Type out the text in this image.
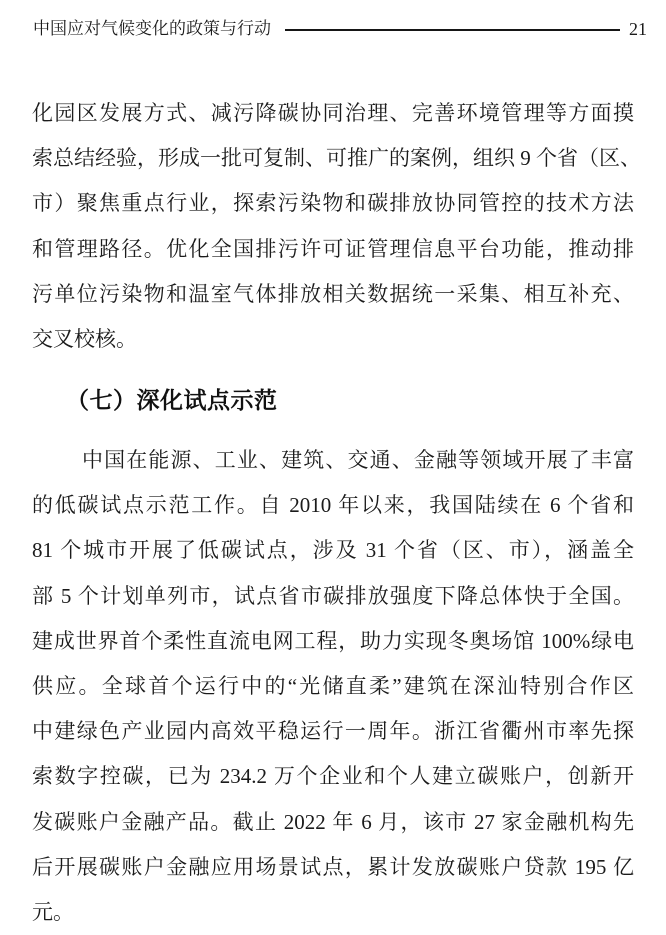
中国应对气候变化的政策与行动	21
化园区发展方式、减污降碳协同治理、完善环境管理等方面摸
索总结经验，形成一批可复制、可推广的案例，组织 9 个省（区、
市）聚焦重点行业，探索污染物和碳排放协同管控的技术方法
和管理路径。优化全国排污许可证管理信息平台功能，推动排
污单位污染物和温室气体排放相关数据统一采集、相互补充、
交叉校核。
（七）深化试点示范
中国在能源、工业、建筑、交通、金融等领域开展了丰富
的低碳试点示范工作。自 2010 年以来，我国陆续在 6 个省和
81 个城市开展了低碳试点，涉及 31 个省（区、市），涵盖全
部 5 个计划单列市，试点省市碳排放强度下降总体快于全国。
建成世界首个柔性直流电网工程，助力实现冬奥场馆 100%绿电
供应。全球首个运行中的“光储直柔”建筑在深汕特别合作区
中建绿色产业园内高效平稳运行一周年。浙江省衢州市率先探
索数字控碳，已为 234.2 万个企业和个人建立碳账户，创新开
发碳账户金融产品。截止 2022 年 6 月，该市 27 家金融机构先
后开展碳账户金融应用场景试点，累计发放碳账户贷款 195 亿
元。
